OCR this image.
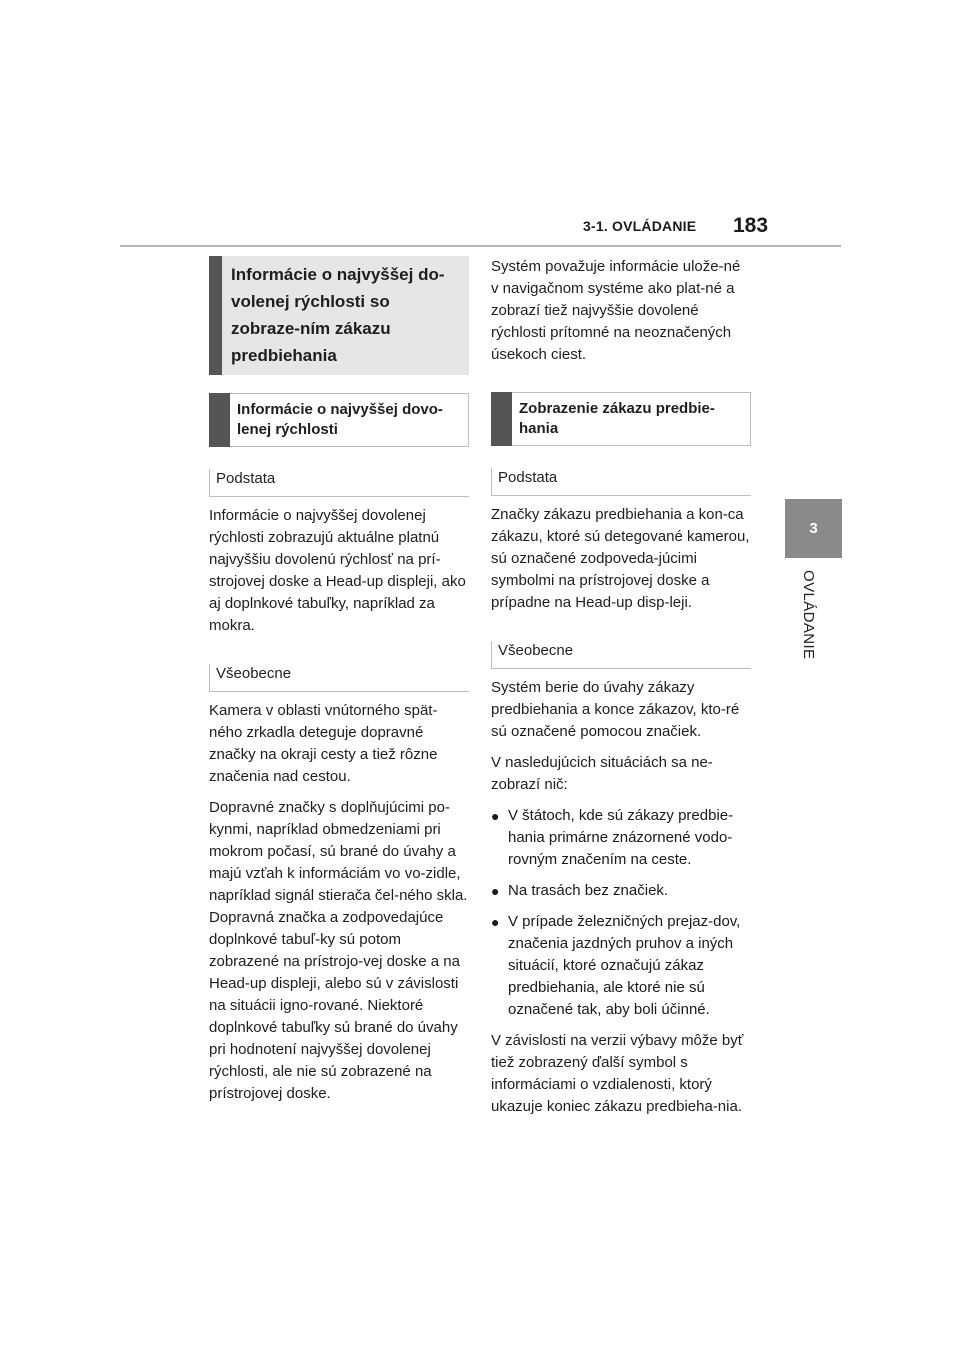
3-1. OVLÁDANIE 183
3
OVLÁDANIE
Informácie o najvyššej do-volenej rýchlosti so zobraze-ním zákazu predbiehania
Informácie o najvyššej dovo-lenej rýchlosti
Podstata

Informácie o najvyššej dovolenej rýchlosti zobrazujú aktuálne platnú najvyššiu dovolenú rýchlosť na prí-strojovej doske a Head-up displeji, ako aj doplnkové tabuľky, napríklad za mokra.

Všeobecne

Kamera v oblasti vnútorného spät-ného zrkadla deteguje dopravné značky na okraji cesty a tiež rôzne značenia nad cestou.

Dopravné značky s doplňujúcimi po-kynmi, napríklad obmedzeniami pri mokrom počasí, sú brané do úvahy a majú vzťah k informáciám vo vo-zidle, napríklad signál stierača čel-ného skla. Dopravná značka a zodpovedajúce doplnkové tabuľ-ky sú potom zobrazené na prístrojo-vej doske a na Head-up displeji, alebo sú v závislosti na situácii igno-rované. Niektoré doplnkové tabuľky sú brané do úvahy pri hodnotení najvyššej dovolenej rýchlosti, ale nie sú zobrazené na prístrojovej doske.

Systém považuje informácie ulože-né v navigačnom systéme ako plat-né a zobrazí tiež najvyššie dovolené rýchlosti prítomné na neoznačených úsekoch ciest.

Zobrazenie zákazu predbie-hania
Podstata

Značky zákazu predbiehania a kon-ca zákazu, ktoré sú detegované kamerou, sú označené zodpoveda-júcimi symbolmi na prístrojovej doske a prípadne na Head-up disp-leji.

Všeobecne

Systém berie do úvahy zákazy predbiehania a konce zákazov, kto-ré sú označené pomocou značiek.

V nasledujúcich situáciách sa ne-zobrazí nič:

● V štátoch, kde sú zákazy predbie-hania primárne znázornené vodo-rovným značením na ceste.
● Na trasách bez značiek.
● V prípade železničných prejaz-dov, značenia jazdných pruhov a iných situácií, ktoré označujú zákaz predbiehania, ale ktoré nie sú označené tak, aby boli účinné.

V závislosti na verzii výbavy môže byť tiež zobrazený ďalší symbol s informáciami o vzdialenosti, ktorý ukazuje koniec zákazu predbieha-nia.
